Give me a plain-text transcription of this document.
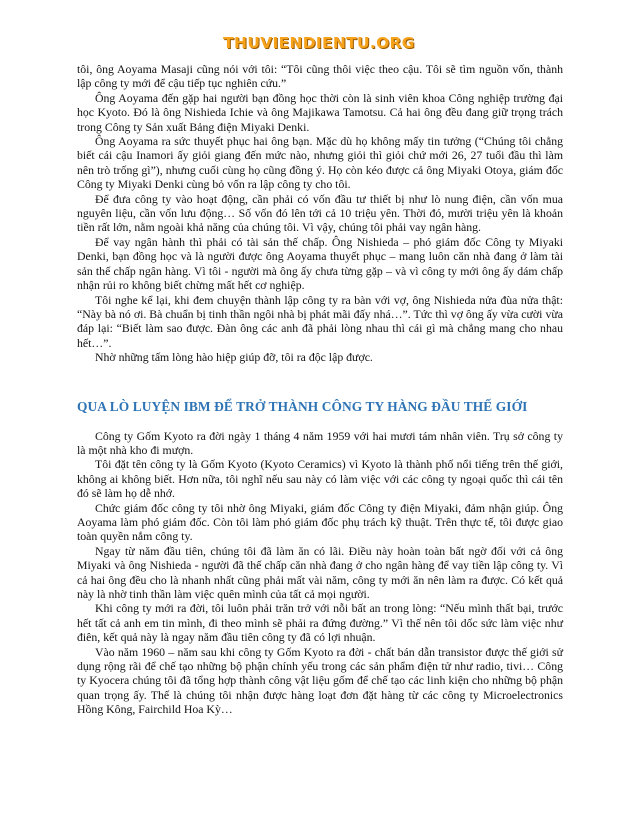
THUVIENDIENTU.ORG

tôi, ông Aoyama Masaji cũng nói với tôi: “Tôi cũng thôi việc theo cậu. Tôi sẽ tìm nguồn vốn, thành lập công ty mới để cậu tiếp tục nghiên cứu.”

Ông Aoyama đến gặp hai người bạn đồng học thời còn là sinh viên khoa Công nghiệp trường đại học Kyoto. Đó là ông Nishieda Ichie và ông Majikawa Tamotsu. Cả hai ông đều đang giữ trọng trách trong Công ty Sản xuất Bảng điện Miyaki Denki.

Ông Aoyama ra sức thuyết phục hai ông bạn. Mặc dù họ không mấy tin tưởng (“Chúng tôi chẳng biết cái cậu Inamori ấy giỏi giang đến mức nào, nhưng giỏi thì giỏi chứ mới 26, 27 tuổi đầu thì làm nên trò trống gì”), nhưng cuối cùng họ cũng đồng ý. Họ còn kéo được cả ông Miyaki Otoya, giám đốc Công ty Miyaki Denki cùng bỏ vốn ra lập công ty cho tôi.

Để đưa công ty vào hoạt động, cần phải có vốn đầu tư thiết bị như lò nung điện, cần vốn mua nguyên liệu, cần vốn lưu động… Số vốn đó lên tới cả 10 triệu yên. Thời đó, mười triệu yên là khoản tiền rất lớn, nằm ngoài khả năng của chúng tôi. Vì vậy, chúng tôi phải vay ngân hàng.

Để vay ngân hành thì phải có tài sản thế chấp. Ông Nishieda – phó giám đốc Công ty Miyaki Denki, bạn đồng học và là người được ông Aoyama thuyết phục – mang luôn căn nhà đang ở làm tài sản thế chấp ngân hàng. Vì tôi - người mà ông ấy chưa từng gặp – và vì công ty mới ông ấy dám chấp nhận rủi ro không biết chừng mất hết cơ nghiệp.

Tôi nghe kể lại, khi đem chuyện thành lập công ty ra bàn với vợ, ông Nishieda nửa đùa nửa thật: “Này bà nó ơi. Bà chuẩn bị tinh thần ngôi nhà bị phát mãi đấy nhá…”. Tức thì vợ ông ấy vừa cười vừa đáp lại: “Biết làm sao được. Đàn ông các anh đã phải lòng nhau thì cái gì mà chẳng mang cho nhau hết…”.

Nhờ những tấm lòng hào hiệp giúp đỡ, tôi ra độc lập được.

QUA LÒ LUYỆN IBM ĐỂ TRỞ THÀNH CÔNG TY HÀNG ĐẦU THẾ GIỚI

Công ty Gốm Kyoto ra đời ngày 1 tháng 4 năm 1959 với hai mươi tám nhân viên. Trụ sở công ty là một nhà kho đi mượn.

Tôi đặt tên công ty là Gốm Kyoto (Kyoto Ceramics) vì Kyoto là thành phố nổi tiếng trên thế giới, không ai không biết. Hơn nữa, tôi nghĩ nếu sau này có làm việc với các công ty ngoại quốc thì cái tên đó sẽ làm họ dễ nhớ.

Chức giám đốc công ty tôi nhờ ông Miyaki, giám đốc Công ty điện Miyaki, đảm nhận giúp. Ông Aoyama làm phó giám đốc. Còn tôi làm phó giám đốc phụ trách kỹ thuật. Trên thực tế, tôi được giao toàn quyền nắm công ty.

Ngay từ năm đầu tiên, chúng tôi đã làm ăn có lãi. Điều này hoàn toàn bất ngờ đối với cả ông Miyaki và ông Nishieda - người đã thế chấp căn nhà đang ở cho ngân hàng để vay tiền lập công ty. Vì cả hai ông đều cho là nhanh nhất cũng phải mất vài năm, công ty mới ăn nên làm ra được. Có kết quả này là nhờ tinh thần làm việc quên mình của tất cả mọi người.

Khi công ty mới ra đời, tôi luôn phải trăn trở với nỗi bất an trong lòng: “Nếu mình thất bại, trước hết tất cả anh em tin mình, đi theo mình sẽ phải ra đứng đường.” Vì thế nên tôi dốc sức làm việc như điên, kết quả này là ngay năm đầu tiên công ty đã có lợi nhuận.

Vào năm 1960 – năm sau khi công ty Gốm Kyoto ra đời - chất bán dẫn transistor được thế giới sử dụng rộng rãi để chế tạo những bộ phận chính yếu trong các sản phẩm điện tử như radio, tivi… Công ty Kyocera chúng tôi đã tổng hợp thành công vật liệu gốm để chế tạo các linh kiện cho những bộ phận quan trọng ấy. Thế là chúng tôi nhận được hàng loạt đơn đặt hàng từ các công ty Microelectronics Hồng Kông, Fairchild Hoa Kỳ…
